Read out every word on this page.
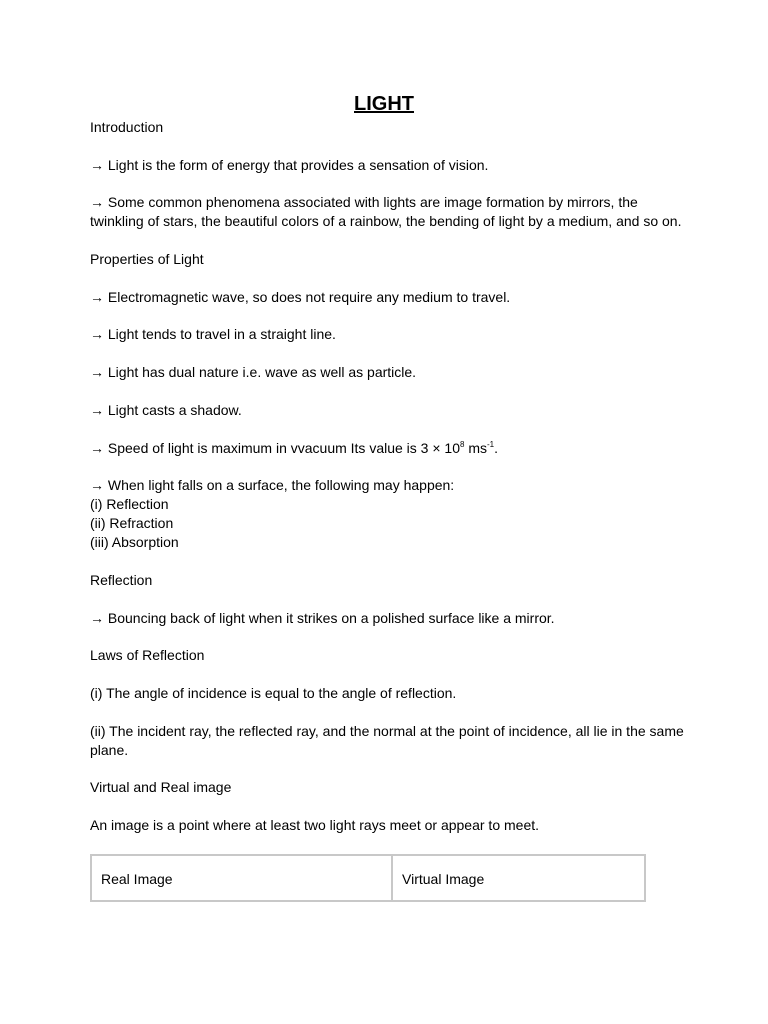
LIGHT

Introduction

→ Light is the form of energy that provides a sensation of vision.

→ Some common phenomena associated with lights are image formation by mirrors, the

twinkling of stars, the beautiful colors of a rainbow, the bending of light by a medium, and so on.

Properties of Light

→ Electromagnetic wave, so does not require any medium to travel.

→ Light tends to travel in a straight line.

→ Light has dual nature i.e. wave as well as particle.

→ Light casts a shadow.

→ Speed of light is maximum in vvacuum Its value is $3 \times 10^8$ $ms^{-1}$.

→ When light falls on a surface, the following may happen:

(i) Reflection

(ii) Refraction

(iii) Absorption

Reflection

→ Bouncing back of light when it strikes on a polished surface like a mirror.

Laws of Reflection

(i) The angle of incidence is equal to the angle of reflection.

(ii) The incident ray, the reflected ray, and the normal at the point of incidence, all lie in the same

plane.

Virtual and Real image

An image is a point where at least two light rays meet or appear to meet.

Real Image	Virtual Image
